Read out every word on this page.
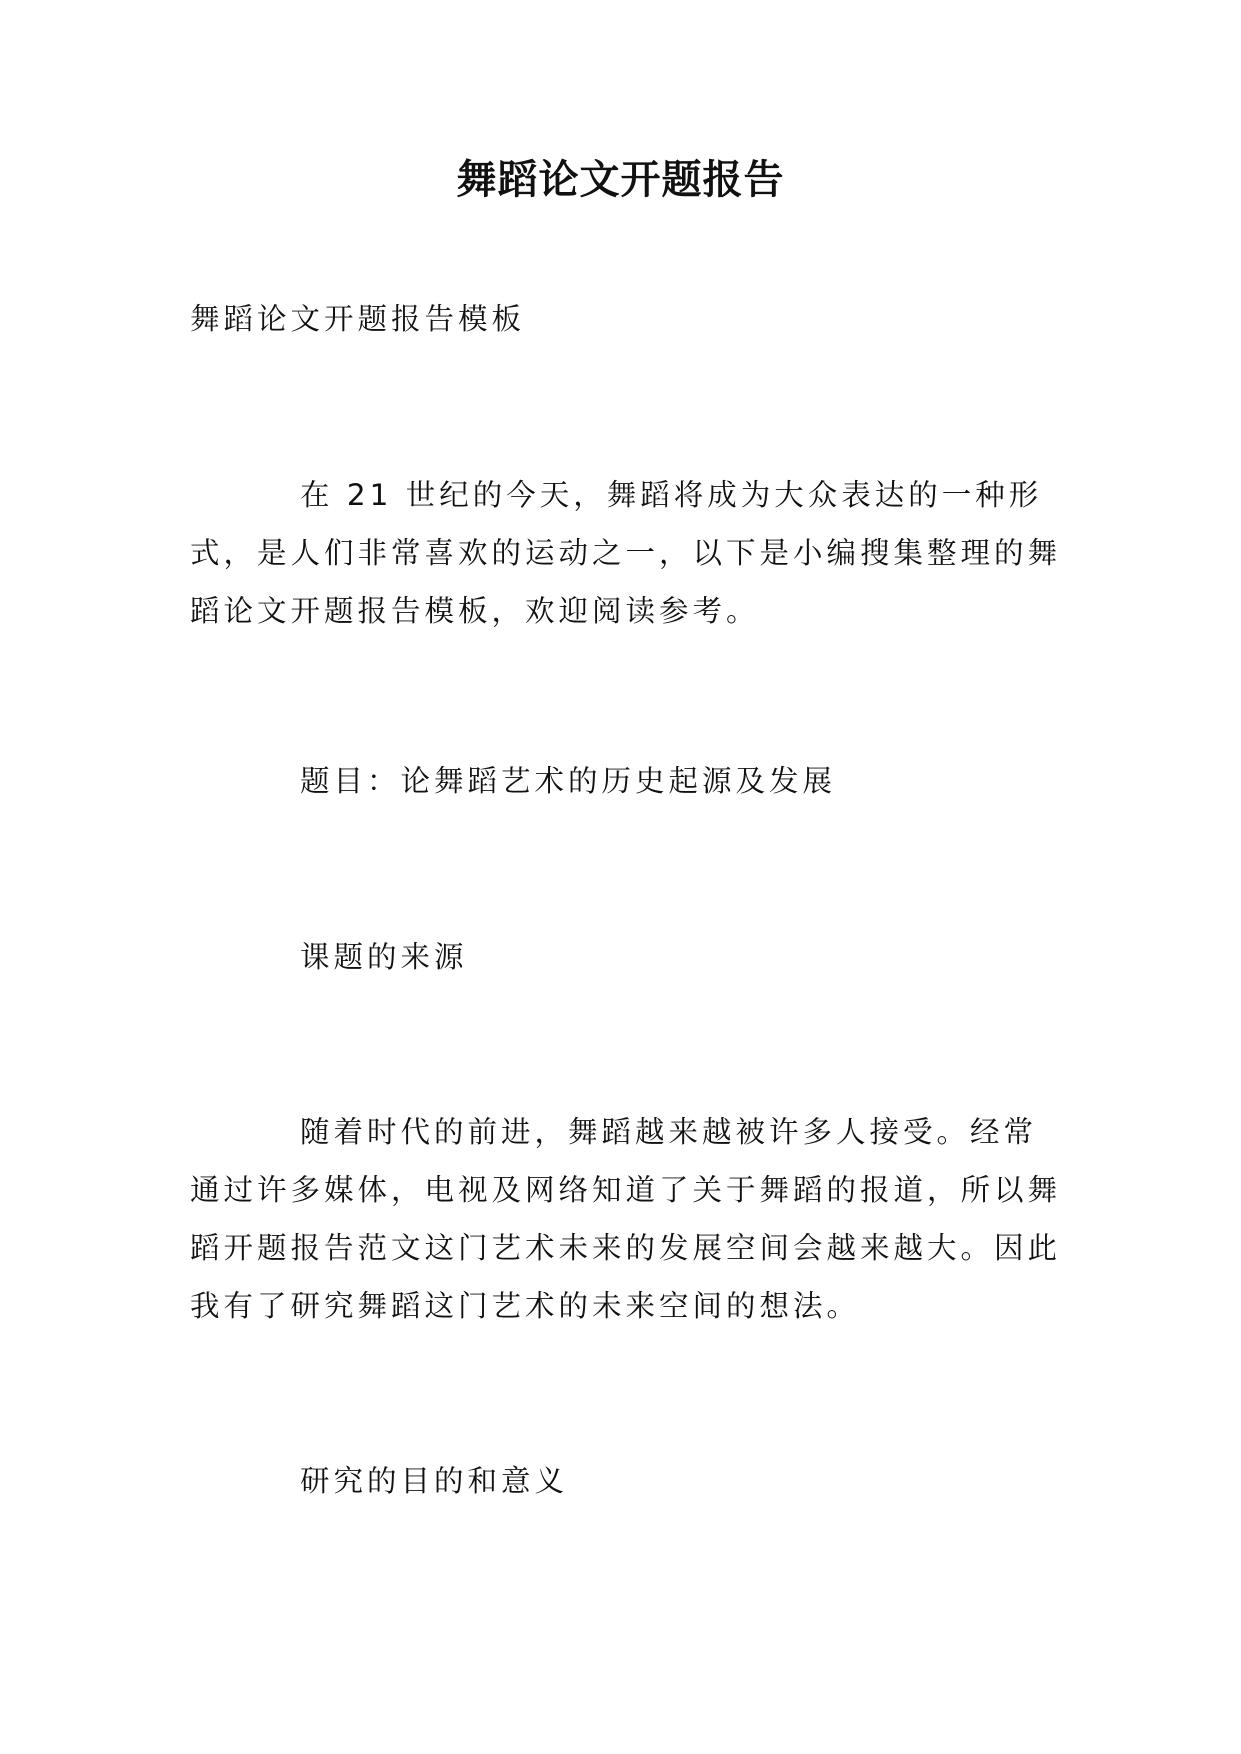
舞蹈论文开题报告
舞蹈论文开题报告模板
在 21 世纪的今天，舞蹈将成为大众表达的一种形式，是人们非常喜欢的运动之一，以下是小编搜集整理的舞蹈论文开题报告模板，欢迎阅读参考。
题目：论舞蹈艺术的历史起源及发展
课题的来源
随着时代的前进，舞蹈越来越被许多人接受。经常通过许多媒体，电视及网络知道了关于舞蹈的报道，所以舞蹈开题报告范文这门艺术未来的发展空间会越来越大。因此我有了研究舞蹈这门艺术的未来空间的想法。
研究的目的和意义
